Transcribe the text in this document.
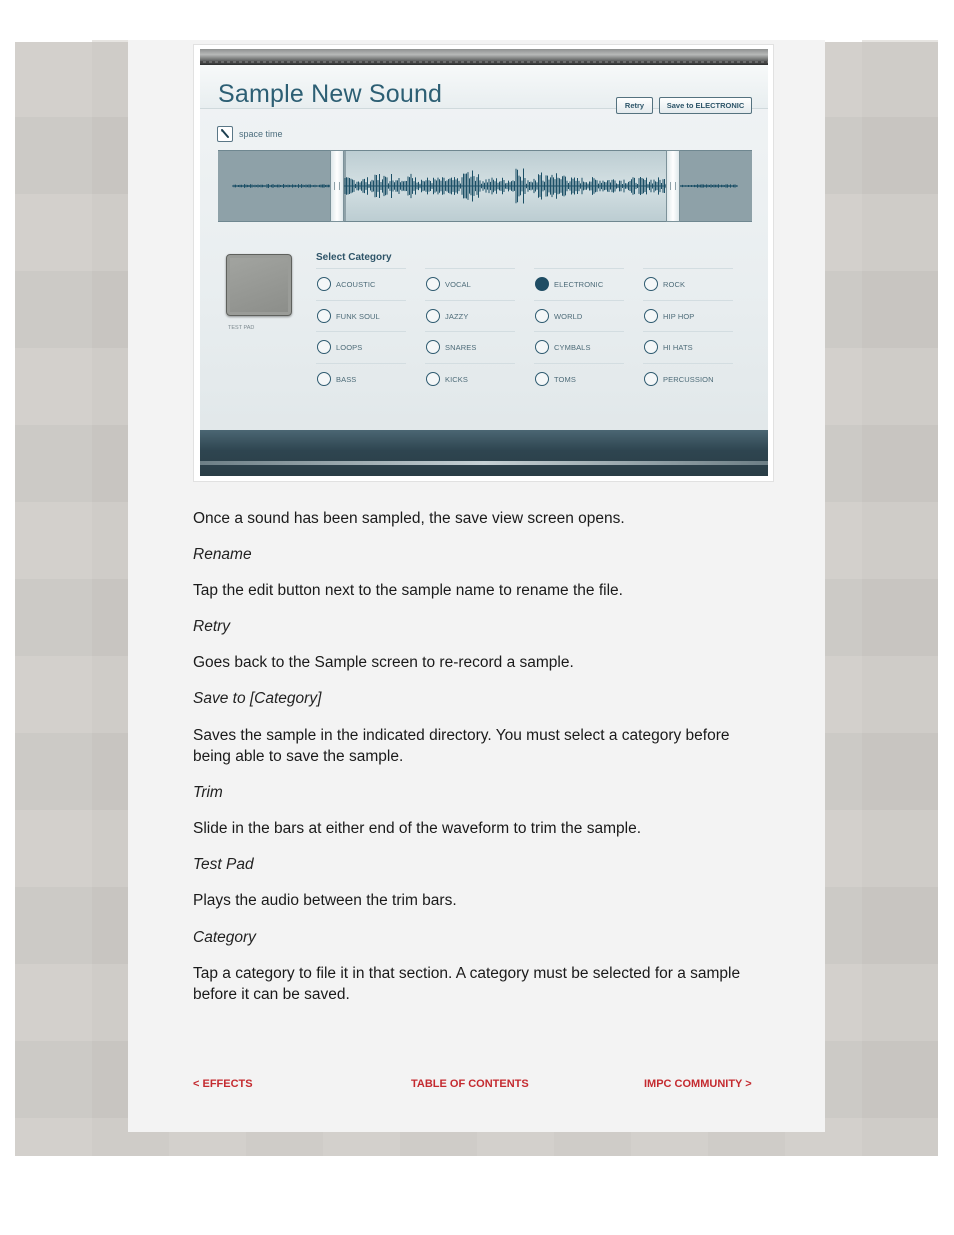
Sample New Sound	Retry	Save to ELECTRONIC
space time
TEST PAD
Select Category
ACOUSTIC	VOCAL	ELECTRONIC	ROCK
FUNK SOUL	JAZZY	WORLD	HIP HOP
LOOPS	SNARES	CYMBALS	HI HATS
BASS	KICKS	TOMS	PERCUSSION

Once a sound has been sampled, the save view screen opens.

Rename

Tap the edit button next to the sample name to rename the file.

Retry

Goes back to the Sample screen to re-record a sample.

Save to [Category]

Saves the sample in the indicated directory. You must select a category before being able to save the sample.

Trim

Slide in the bars at either end of the waveform to trim the sample.

Test Pad

Plays the audio between the trim bars.

Category

Tap a category to file it in that section. A category must be selected for a sample before it can be saved.

< EFFECTS	TABLE OF CONTENTS	IMPC COMMUNITY >
